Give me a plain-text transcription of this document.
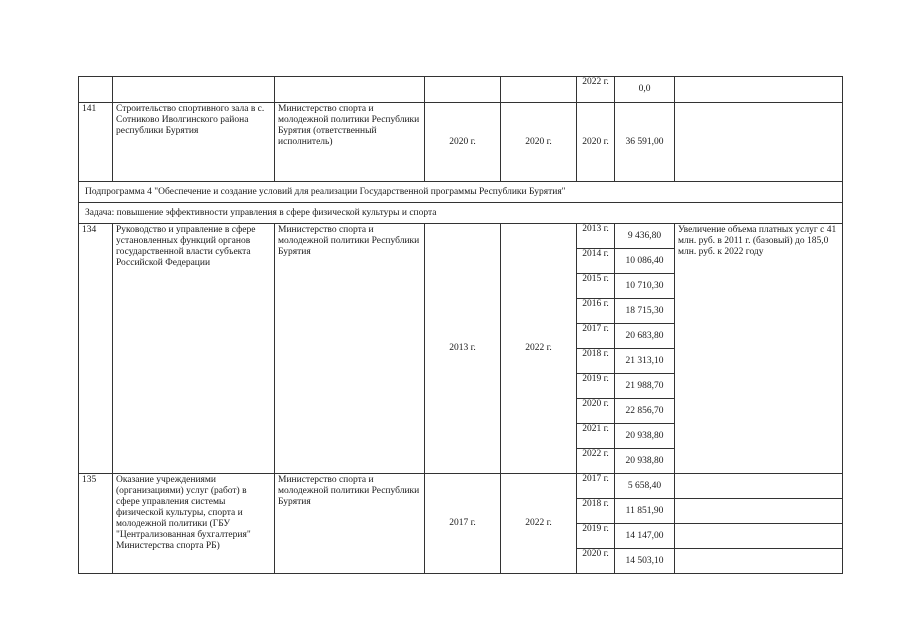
					2022 г.	0,0	
141	Строительство спортивного зала в с. Сотниково Иволгинского района республики Бурятия	Министерство спорта и молодежной политики Республики Бурятия (ответственный исполнитель)	2020 г.	2020 г.	2020 г.	36 591,00	
Подпрограмма 4 "Обеспечение и создание условий для реализации Государственной программы Республики Бурятия"							
Задача: повышение эффективности управления в сфере физической культуры и спорта							
134	Руководство и управление в сфере установленных функций органов государственной власти субъекта Российской Федерации	Министерство спорта и молодежной политики Республики Бурятия	2013 г.	2022 г.	2013 г.	9 436,80	Увеличение объема платных услуг с 41 млн. руб. в 2011 г. (базовый) до 185,0 млн. руб. к 2022 году
					2014 г.	10 086,40	
					2015 г.	10 710,30	
					2016 г.	18 715,30	
					2017 г.	20 683,80	
					2018 г.	21 313,10	
					2019 г.	21 988,70	
					2020 г.	22 856,70	
					2021 г.	20 938,80	
					2022 г.	20 938,80	
135	Оказание учреждениями (организациями) услуг (работ) в сфере управления системы физической культуры, спорта и молодежной политики (ГБУ "Централизованная бухгалтерия" Министерства спорта РБ)	Министерство спорта и молодежной политики Республики Бурятия	2017 г.	2022 г.	2017 г.	5 658,40	
					2018 г.	11 851,90	
					2019 г.	14 147,00	
					2020 г.	14 503,10	
